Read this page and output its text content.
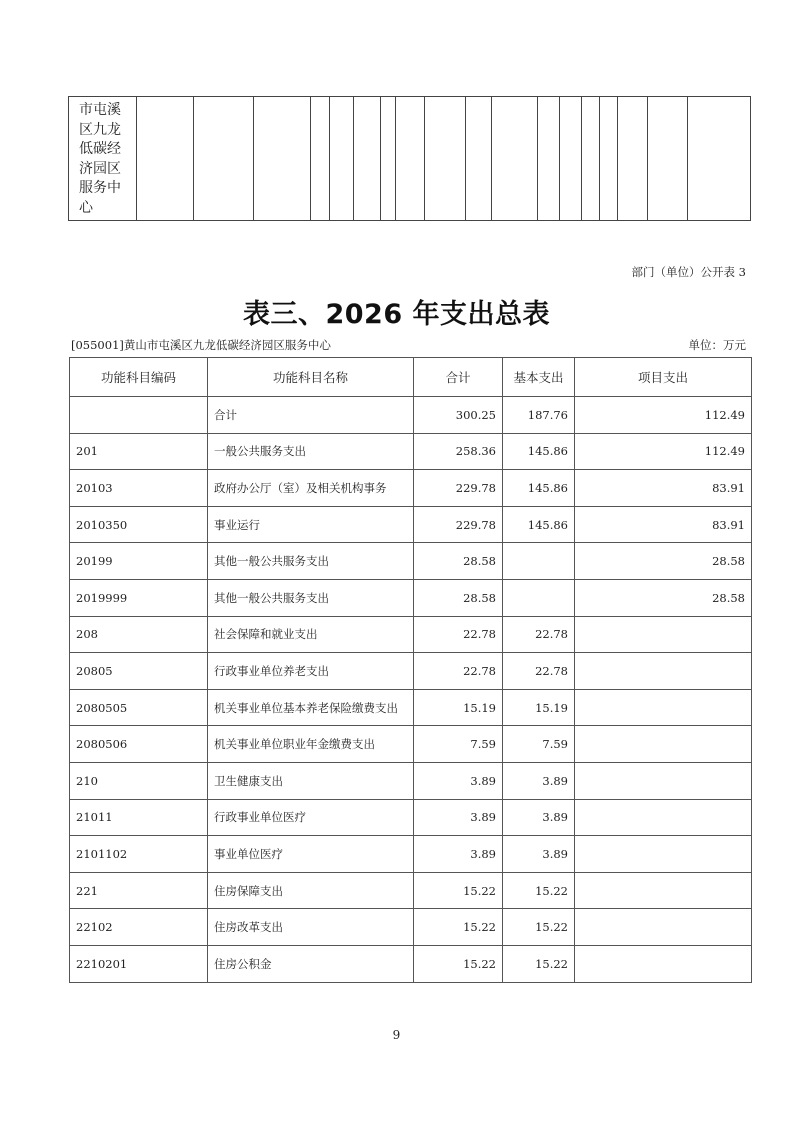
市屯溪
区九龙
低碳经
济园区
服务中
心
部门（单位）公开表 3
表三、2026 年支出总表
[055001]黄山市屯溪区九龙低碳经济园区服务中心	单位：万元
功能科目编码	功能科目名称	合计	基本支出	项目支出
	合计	300.25	187.76	112.49
201	一般公共服务支出	258.36	145.86	112.49
20103	政府办公厅（室）及相关机构事务	229.78	145.86	83.91
2010350	事业运行	229.78	145.86	83.91
20199	其他一般公共服务支出	28.58		28.58
2019999	其他一般公共服务支出	28.58		28.58
208	社会保障和就业支出	22.78	22.78	
20805	行政事业单位养老支出	22.78	22.78	
2080505	机关事业单位基本养老保险缴费支出	15.19	15.19	
2080506	机关事业单位职业年金缴费支出	7.59	7.59	
210	卫生健康支出	3.89	3.89	
21011	行政事业单位医疗	3.89	3.89	
2101102	事业单位医疗	3.89	3.89	
221	住房保障支出	15.22	15.22	
22102	住房改革支出	15.22	15.22	
2210201	住房公积金	15.22	15.22	
9
